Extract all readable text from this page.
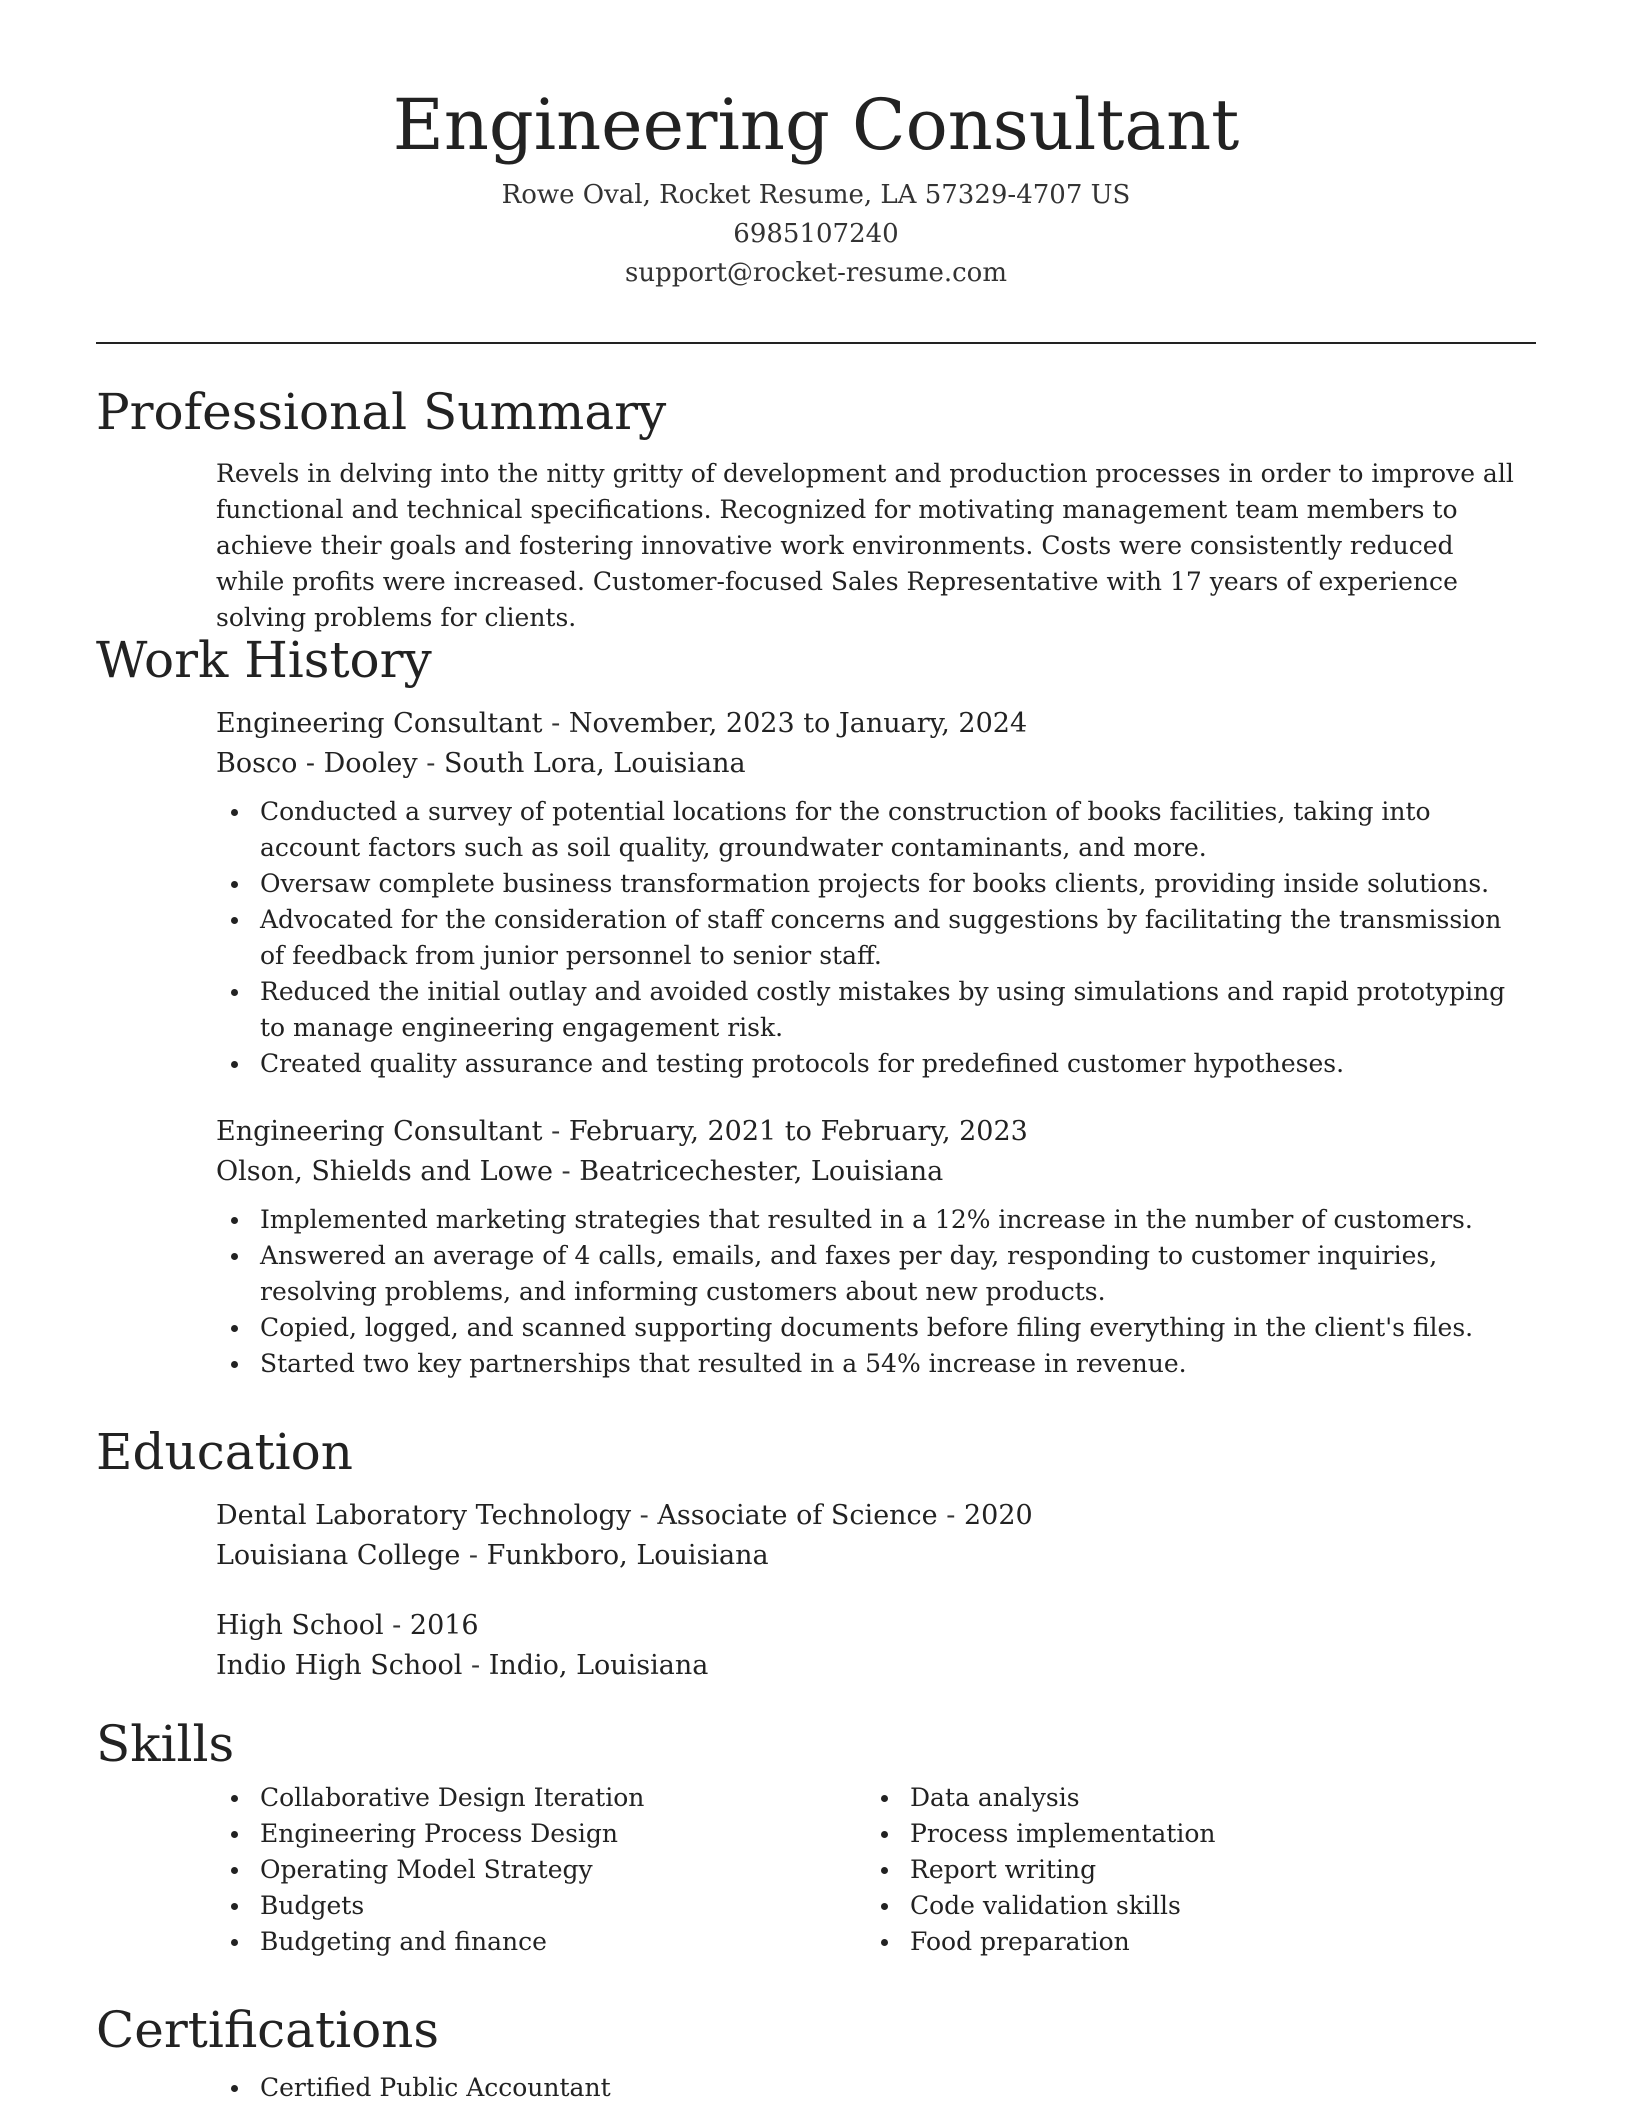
Engineering Consultant
Rowe Oval, Rocket Resume, LA 57329-4707 US
6985107240
support@rocket-resume.com
Professional Summary

Revels in delving into the nitty gritty of development and production processes in order to improve all functional and technical specifications. Recognized for motivating management team members to achieve their goals and fostering innovative work environments. Costs were consistently reduced while profits were increased. Customer-focused Sales Representative with 17 years of experience solving problems for clients.

Work History
Engineering Consultant - November, 2023 to January, 2024
Bosco - Dooley - South Lora, Louisiana
Conducted a survey of potential locations for the construction of books facilities, taking into account factors such as soil quality, groundwater contaminants, and more.
Oversaw complete business transformation projects for books clients, providing inside solutions.
Advocated for the consideration of staff concerns and suggestions by facilitating the transmission of feedback from junior personnel to senior staff.
Reduced the initial outlay and avoided costly mistakes by using simulations and rapid prototyping to manage engineering engagement risk.
Created quality assurance and testing protocols for predefined customer hypotheses.
Engineering Consultant - February, 2021 to February, 2023
Olson, Shields and Lowe - Beatricechester, Louisiana
Implemented marketing strategies that resulted in a 12% increase in the number of customers.
Answered an average of 4 calls, emails, and faxes per day, responding to customer inquiries, resolving problems, and informing customers about new products.
Copied, logged, and scanned supporting documents before filing everything in the client's files.
Started two key partnerships that resulted in a 54% increase in revenue.
Education
Dental Laboratory Technology - Associate of Science - 2020
Louisiana College - Funkboro, Louisiana
High School - 2016
Indio High School - Indio, Louisiana
Skills
Collaborative Design Iteration
Engineering Process Design
Operating Model Strategy
Budgets
Budgeting and finance
Data analysis
Process implementation
Report writing
Code validation skills
Food preparation
Certifications
Certified Public Accountant
